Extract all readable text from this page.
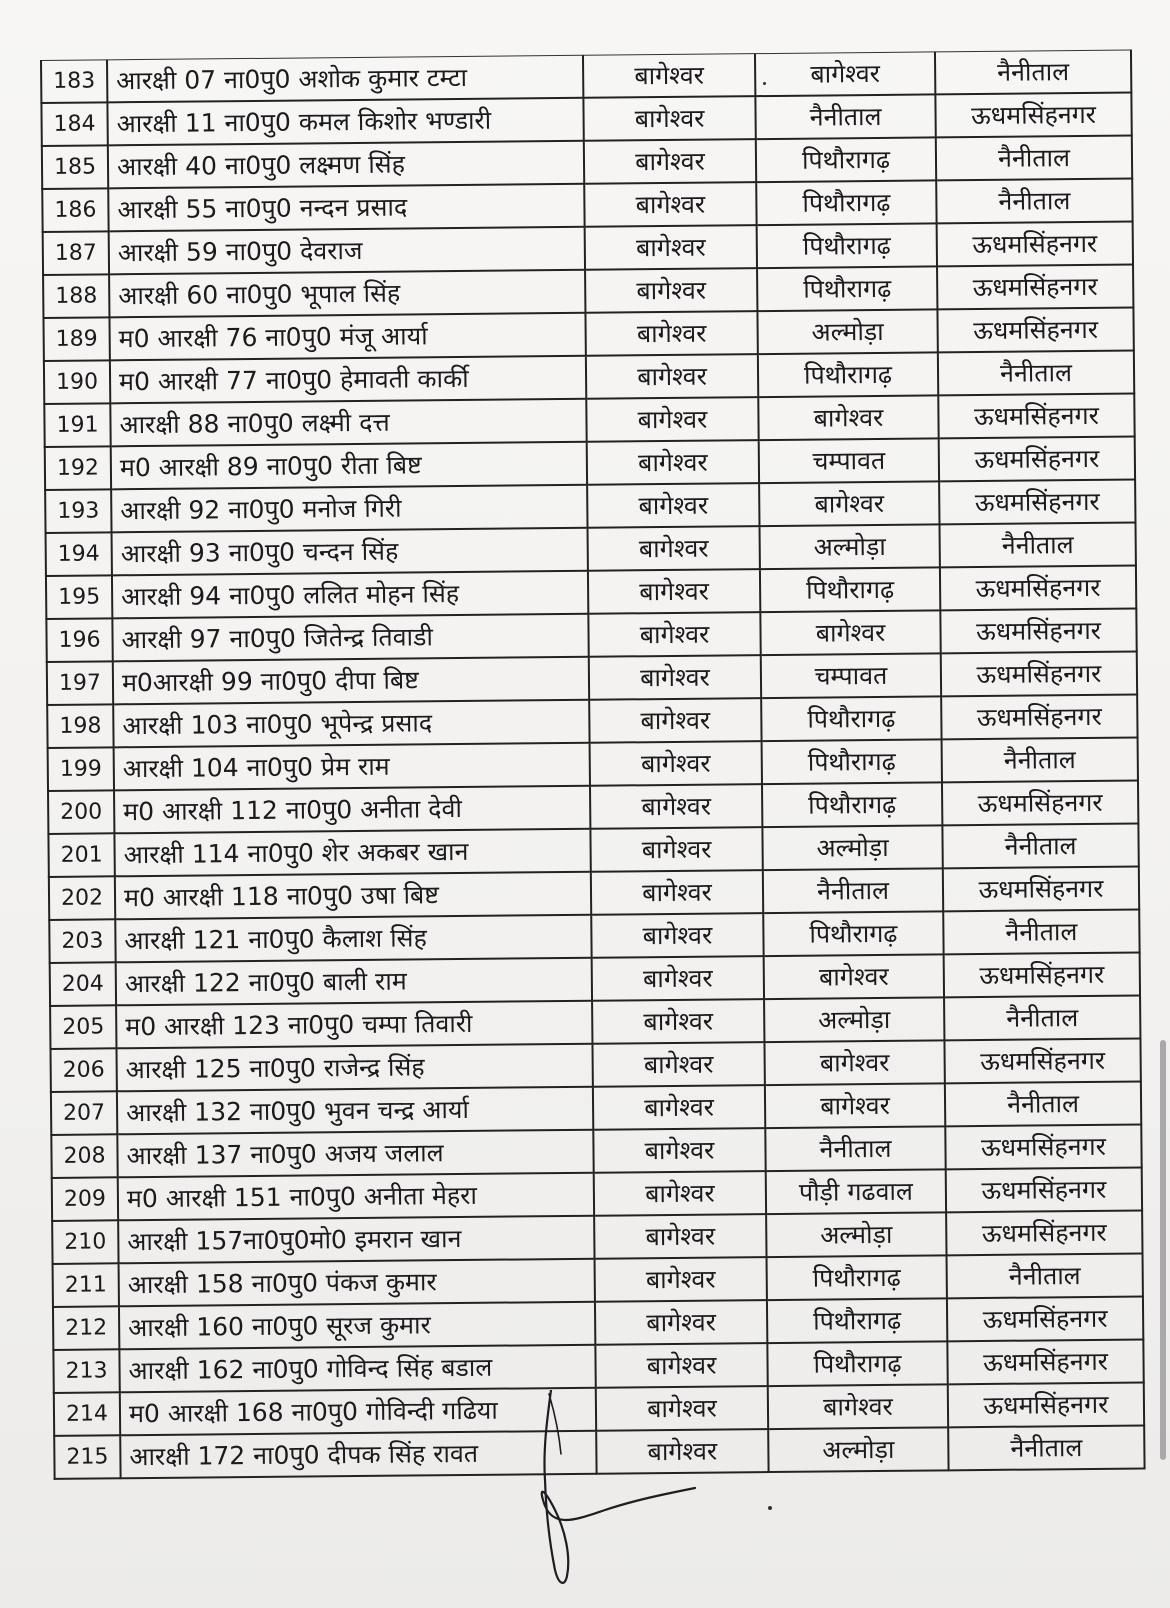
183	आरक्षी 07 ना0पु0 अशोक कुमार टम्टा	बागेश्वर	बागेश्वर	नैनीताल
184	आरक्षी 11 ना0पु0 कमल किशोर भण्डारी	बागेश्वर	नैनीताल	ऊधमसिंहनगर
185	आरक्षी 40 ना0पु0 लक्ष्मण सिंह	बागेश्वर	पिथौरागढ़	नैनीताल
186	आरक्षी 55 ना0पु0 नन्दन प्रसाद	बागेश्वर	पिथौरागढ़	नैनीताल
187	आरक्षी 59 ना0पु0 देवराज	बागेश्वर	पिथौरागढ़	ऊधमसिंहनगर
188	आरक्षी 60 ना0पु0 भूपाल सिंह	बागेश्वर	पिथौरागढ़	ऊधमसिंहनगर
189	म0 आरक्षी 76 ना0पु0 मंजू आर्या	बागेश्वर	अल्मोड़ा	ऊधमसिंहनगर
190	म0 आरक्षी 77 ना0पु0 हेमावती कार्की	बागेश्वर	पिथौरागढ़	नैनीताल
191	आरक्षी 88 ना0पु0 लक्ष्मी दत्त	बागेश्वर	बागेश्वर	ऊधमसिंहनगर
192	म0 आरक्षी 89 ना0पु0 रीता बिष्ट	बागेश्वर	चम्पावत	ऊधमसिंहनगर
193	आरक्षी 92 ना0पु0 मनोज गिरी	बागेश्वर	बागेश्वर	ऊधमसिंहनगर
194	आरक्षी 93 ना0पु0 चन्दन सिंह	बागेश्वर	अल्मोड़ा	नैनीताल
195	आरक्षी 94 ना0पु0 ललित मोहन सिंह	बागेश्वर	पिथौरागढ़	ऊधमसिंहनगर
196	आरक्षी 97 ना0पु0 जितेन्द्र तिवाडी	बागेश्वर	बागेश्वर	ऊधमसिंहनगर
197	म0आरक्षी 99 ना0पु0 दीपा बिष्ट	बागेश्वर	चम्पावत	ऊधमसिंहनगर
198	आरक्षी 103 ना0पु0 भूपेन्द्र प्रसाद	बागेश्वर	पिथौरागढ़	ऊधमसिंहनगर
199	आरक्षी 104 ना0पु0 प्रेम राम	बागेश्वर	पिथौरागढ़	नैनीताल
200	म0 आरक्षी 112 ना0पु0 अनीता देवी	बागेश्वर	पिथौरागढ़	ऊधमसिंहनगर
201	आरक्षी 114 ना0पु0 शेर अकबर खान	बागेश्वर	अल्मोड़ा	नैनीताल
202	म0 आरक्षी 118 ना0पु0 उषा बिष्ट	बागेश्वर	नैनीताल	ऊधमसिंहनगर
203	आरक्षी 121 ना0पु0 कैलाश सिंह	बागेश्वर	पिथौरागढ़	नैनीताल
204	आरक्षी 122 ना0पु0 बाली राम	बागेश्वर	बागेश्वर	ऊधमसिंहनगर
205	म0 आरक्षी 123 ना0पु0 चम्पा तिवारी	बागेश्वर	अल्मोड़ा	नैनीताल
206	आरक्षी 125 ना0पु0 राजेन्द्र सिंह	बागेश्वर	बागेश्वर	ऊधमसिंहनगर
207	आरक्षी 132 ना0पु0 भुवन चन्द्र आर्या	बागेश्वर	बागेश्वर	नैनीताल
208	आरक्षी 137 ना0पु0 अजय जलाल	बागेश्वर	नैनीताल	ऊधमसिंहनगर
209	म0 आरक्षी 151 ना0पु0 अनीता मेहरा	बागेश्वर	पौड़ी गढवाल	ऊधमसिंहनगर
210	आरक्षी 157ना0पु0मो0 इमरान खान	बागेश्वर	अल्मोड़ा	ऊधमसिंहनगर
211	आरक्षी 158 ना0पु0 पंकज कुमार	बागेश्वर	पिथौरागढ़	नैनीताल
212	आरक्षी 160 ना0पु0 सूरज कुमार	बागेश्वर	पिथौरागढ़	ऊधमसिंहनगर
213	आरक्षी 162 ना0पु0 गोविन्द सिंह बडाल	बागेश्वर	पिथौरागढ़	ऊधमसिंहनगर
214	म0 आरक्षी 168 ना0पु0 गोविन्दी गढिया	बागेश्वर	बागेश्वर	ऊधमसिंहनगर
215	आरक्षी 172 ना0पु0 दीपक सिंह रावत	बागेश्वर	अल्मोड़ा	नैनीताल
